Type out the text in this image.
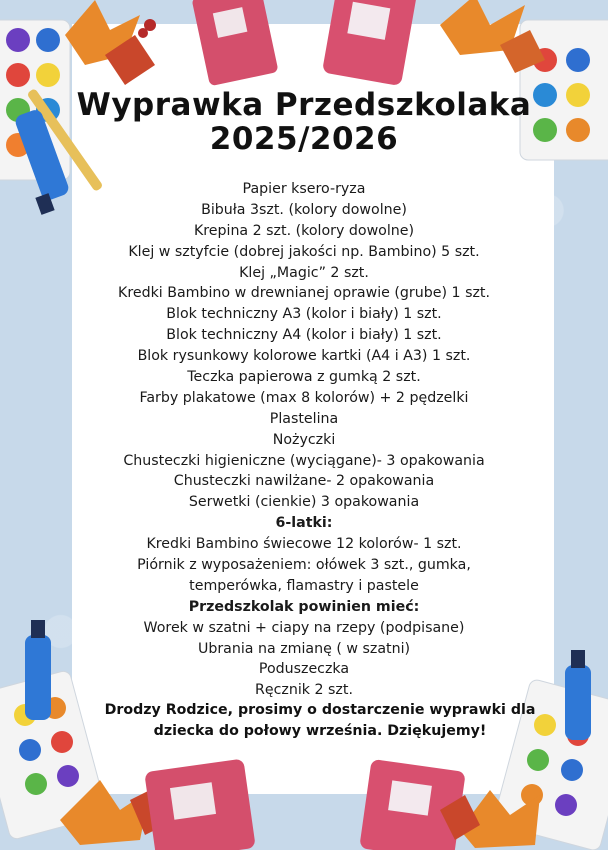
Wyprawka Przedszkolaka
2025/2026
Papier ksero-ryza
Bibuła 3szt. (kolory dowolne)
Krepina 2 szt. (kolory dowolne)
Klej w sztyfcie (dobrej jakości np. Bambino) 5 szt.
Klej „Magic” 2 szt.
Kredki Bambino w drewnianej oprawie (grube) 1 szt.
Blok techniczny A3 (kolor i biały) 1 szt.
Blok techniczny A4 (kolor i biały) 1 szt.
Blok rysunkowy kolorowe kartki (A4 i A3) 1 szt.
Teczka papierowa z gumką 2 szt.
Farby plakatowe (max 8 kolorów) + 2 pędzelki
Plastelina
Nożyczki
Chusteczki higieniczne (wyciągane)- 3 opakowania
Chusteczki nawilżane- 2 opakowania
Serwetki (cienkie) 3 opakowania
6-latki:
Kredki Bambino świecowe 12 kolorów- 1 szt.
Piórnik z wyposażeniem: ołówek 3 szt., gumka,
temperówka, flamastry i pastele
Przedszkolak powinien mieć:
Worek w szatni + ciapy na rzepy (podpisane)
Ubrania na zmianę ( w szatni)
Poduszeczka
Ręcznik 2 szt.
Drodzy Rodzice, prosimy o dostarczenie wyprawki dla
dziecka do połowy września. Dziękujemy!
